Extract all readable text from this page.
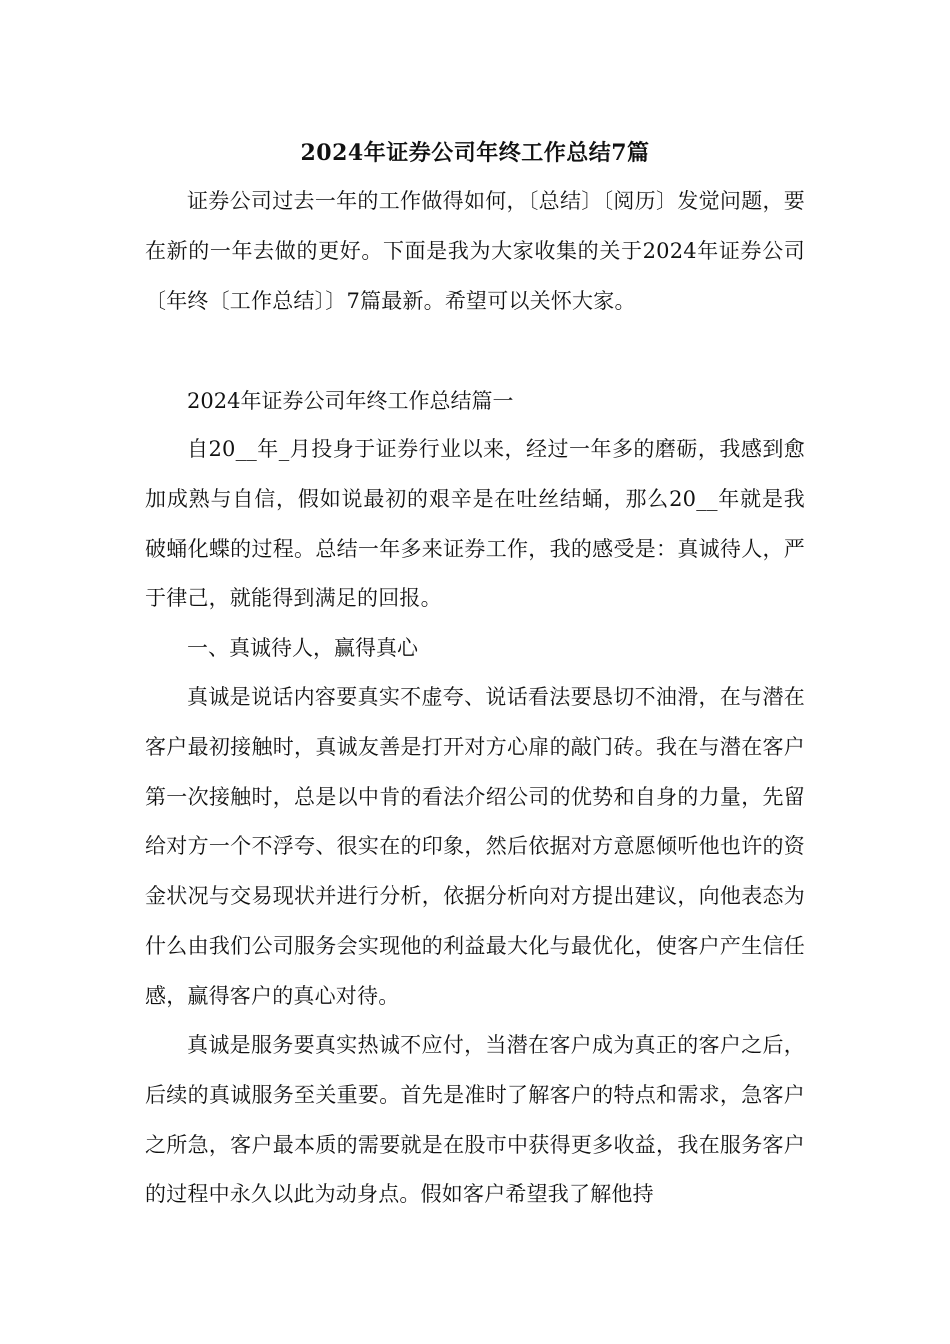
2024年证券公司年终工作总结7篇

证券公司过去一年的工作做得如何，〔总结〕〔阅历〕发觉问题，要在新的一年去做的更好。下面是我为大家收集的关于2024年证券公司〔年终〔工作总结〕〕7篇最新。希望可以关怀大家。

2024年证券公司年终工作总结篇一

自20__年_月投身于证券行业以来，经过一年多的磨砺，我感到愈加成熟与自信，假如说最初的艰辛是在吐丝结蛹，那么20__年就是我破蛹化蝶的过程。总结一年多来证券工作，我的感受是：真诚待人，严于律己，就能得到满足的回报。

一、真诚待人，赢得真心

真诚是说话内容要真实不虚夸、说话看法要恳切不油滑，在与潜在客户最初接触时，真诚友善是打开对方心扉的敲门砖。我在与潜在客户第一次接触时，总是以中肯的看法介绍公司的优势和自身的力量，先留给对方一个不浮夸、很实在的印象，然后依据对方意愿倾听他也许的资金状况与交易现状并进行分析，依据分析向对方提出建议，向他表态为什么由我们公司服务会实现他的利益最大化与最优化，使客户产生信任感，赢得客户的真心对待。

真诚是服务要真实热诚不应付，当潜在客户成为真正的客户之后，后续的真诚服务至关重要。首先是准时了解客户的特点和需求，急客户之所急，客户最本质的需要就是在股市中获得更多收益，我在服务客户的过程中永久以此为动身点。假如客户希望我了解他持
